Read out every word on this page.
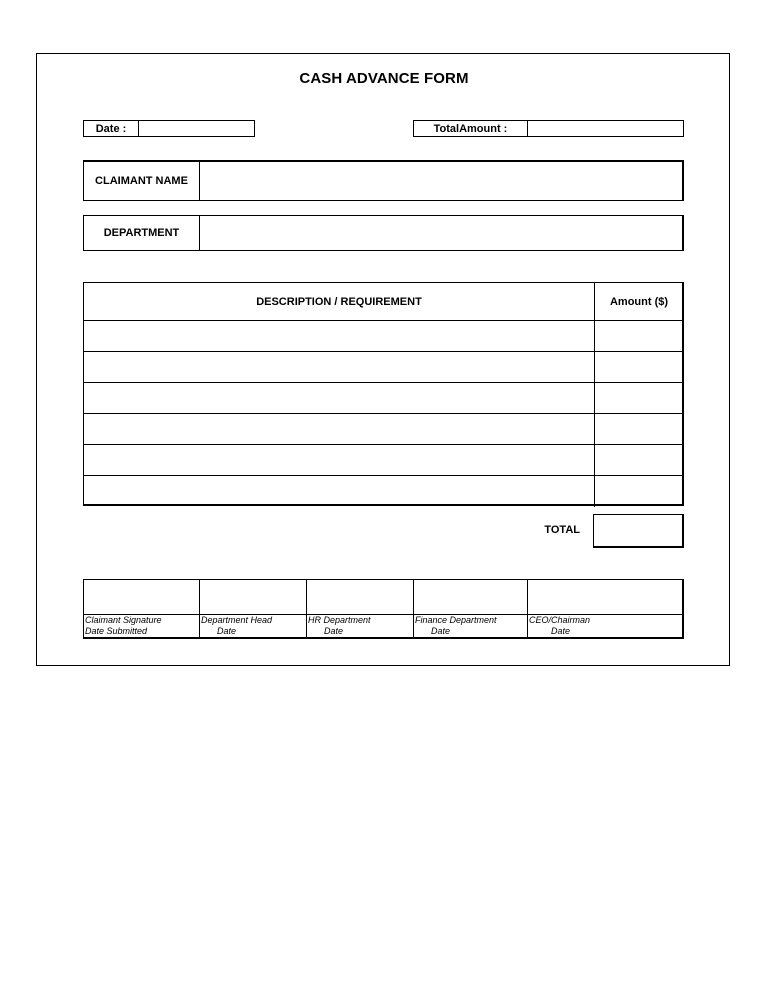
CASH ADVANCE FORM
Date :	TotalAmount :
CLAIMANT NAME
DEPARTMENT
DESCRIPTION / REQUIREMENT	Amount ($)
TOTAL
Claimant Signature
Date Submitted
Department Head
Date
HR Department
Date
Finance Department
Date
CEO/Chairman
Date
